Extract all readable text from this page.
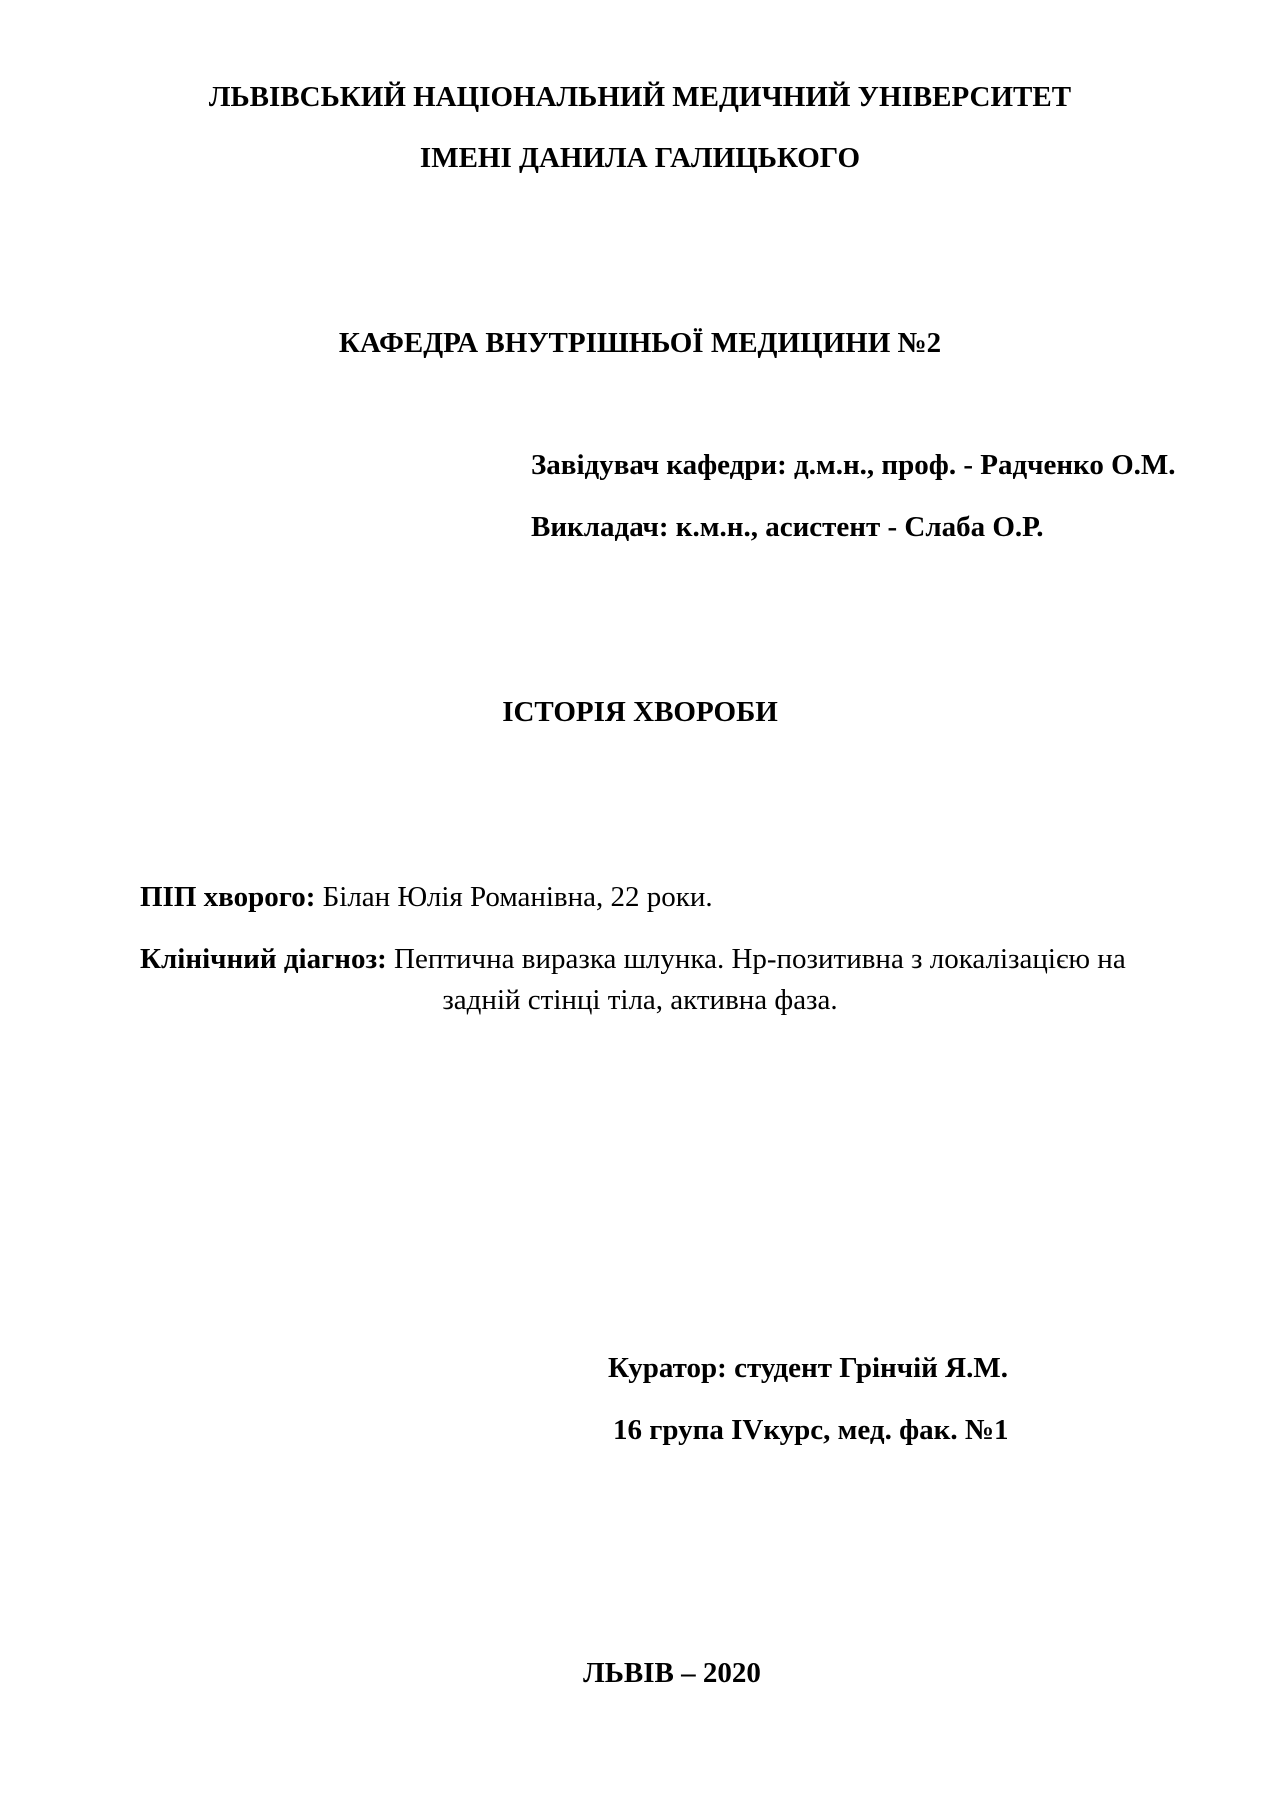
ЛЬВІВСЬКИЙ НАЦІОНАЛЬНИЙ МЕДИЧНИЙ УНІВЕРСИТЕТ
ІМЕНІ ДАНИЛА ГАЛИЦЬКОГО
КАФЕДРА ВНУТРІШНЬОЇ МЕДИЦИНИ №2
Завідувач кафедри: д.м.н., проф. - Радченко О.М.
Викладач: к.м.н., асистент - Слаба О.Р.
ІСТОРІЯ ХВОРОБИ
ПІП хворого: Білан Юлія Романівна, 22 роки.
Клінічний діагноз: Пептична виразка шлунка. Нр-позитивна з локалізацією на
задній стінці тіла, активна фаза.
Куратор: студент Грінчій Я.М.
16 група IVкурс, мед. фак. №1
ЛЬВІВ – 2020
